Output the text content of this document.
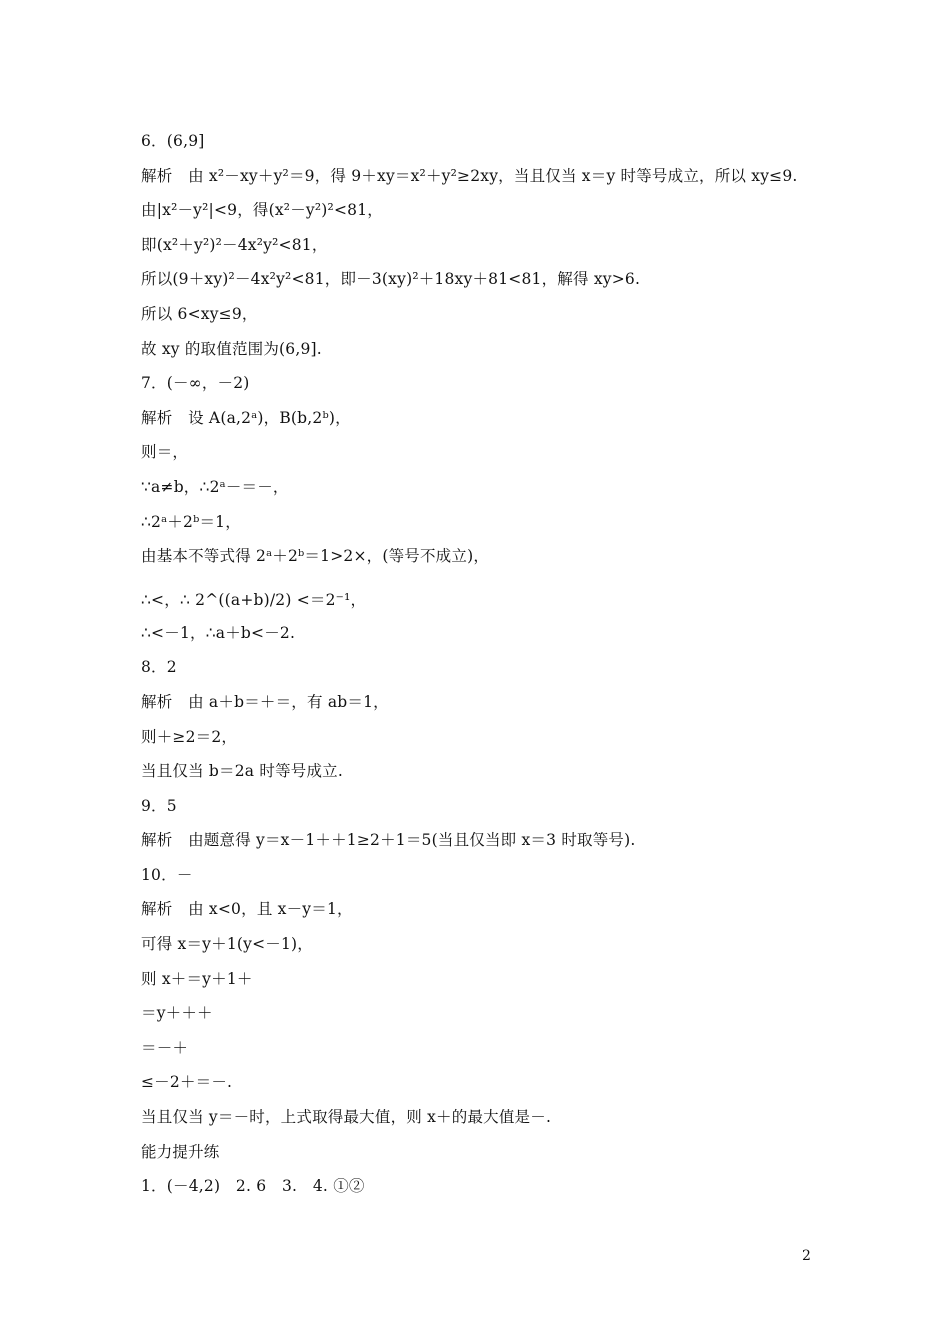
6．(6,9]
解析　由 x²－xy＋y²＝9，得 9＋xy＝x²＋y²≥2xy，当且仅当 x＝y 时等号成立，所以 xy≤9.
由|x²－y²|<9，得(x²－y²)²<81，
即(x²＋y²)²－4x²y²<81，
所以(9＋xy)²－4x²y²<81，即－3(xy)²＋18xy＋81<81，解得 xy>6.
所以 6<xy≤9，
故 xy 的取值范围为(6,9].
7．(－∞，－2)
解析　设 A(a,2ᵃ)，B(b,2ᵇ)，
则＝，
∵a≠b，∴2ᵃ－＝－，
∴2ᵃ＋2ᵇ＝1，
由基本不等式得 2ᵃ＋2ᵇ＝1>2×，(等号不成立)，
∴<，∴ 2^((a+b)/2) <＝2⁻¹，
∴<－1，∴a＋b<－2.
8．2
解析　由 a＋b＝＋＝，有 ab＝1，
则＋≥2＝2，
当且仅当 b＝2a 时等号成立.
9．5
解析　由题意得 y＝x－1＋＋1≥2＋1＝5(当且仅当即 x＝3 时取等号).
10．－
解析　由 x<0，且 x－y＝1，
可得 x＝y＋1(y<－1)，
则 x＋＝y＋1＋
＝y＋＋＋
＝－＋
≤－2＋＝－.
当且仅当 y＝－时，上式取得最大值，则 x＋的最大值是－.
能力提升练
1．(－4,2)　2. 6　3.　4. ①②
2
